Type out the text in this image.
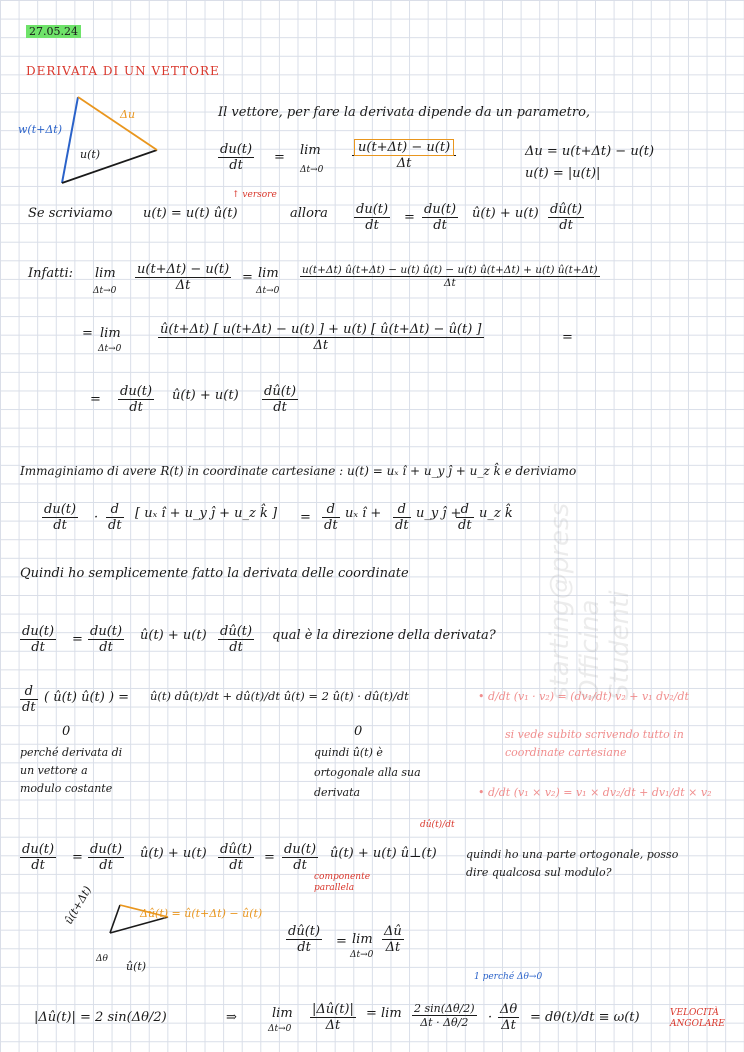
27.05.24
DERIVATA DI UN VETTORE
w(t+Δt)
u(t)
Δu	Il vettore, per fare la derivata dipende da un parametro,
$\frac{du(t)}{dt} = \lim$
$\Delta t\to 0 \frac{u(t+\Delta t) - u(t)}{\Delta t}$	Δu = u(t+Δt) − u(t)
u(t) = |u(t)|
↑ versore
Se scriviamo u(t) = u(t) û(t)	allora $\frac{du(t)}{dt} = \frac{du(t)}{dt}$ û(t) + $u(t) \frac{dû(t)}{dt}$
Infatti: lim
$\Delta t\to 0 \frac{u(t+\Delta t) - u(t)}{\Delta t} = \lim$
Δt→0
$\frac{u(t+\Delta t) û(t+\Delta t) - u(t) û(t) - u(t) û(t+\Delta t) + u(t) û(t+\Delta t)}{\Delta t}$
= lim
Δt→0	$\frac{û(t+\Delta t) [ u(t+\Delta t) - u(t) ] + u(t) [ û(t+\Delta t) - û(t) ]}{\Delta t}$	=
= $\frac{du(t)}{dt}$ û(t) + $u(t) \frac{dû(t)}{dt}$
Immaginiamo di avere R(t) in coordinate cartesiane : u(t) = uₓ î + u_y ĵ + u_z k̂ e deriviamo
$\frac{du(t)}{dt} \cdot \frac{d}{dt}$ [ uₓ î + u_y ĵ + u_z k̂ ] = $\frac{d}{dt}$ uₓ î + $\frac{d}{dt}$ u_y ĵ +
$\frac{d}{dt}$ u_z k̂
Quindi ho semplicemente fatto la derivata delle coordinate
$\frac{du(t)}{dt} = \frac{du(t)}{dt}$ û(t) + $u(t) \frac{dû(t)}{dt}$ qual è la direzione della derivata?
$\frac{d}{dt}$ ( û(t) û(t) ) = û(t) dû(t)/dt + dû(t)/dt û(t) = 2 û(t) · dû(t)/dt
0	0
perché derivata di
un vettore a
modulo costante
quindi û(t) è
ortogonale alla sua
derivata
• d/dt (v₁ · v₂) = (dv₁/dt) v₂ + v₁ dv₂/dt
si vede subito scrivendo tutto in
coordinate cartesiane
• d/dt (v₁ × v₂) = v₁ × dv₂/dt + dv₁/dt × v₂
dû(t)/dt
$\frac{du(t)}{dt} = \frac{du(t)}{dt}$ û(t) + $u(t) \frac{dû(t)}{dt} = \frac{du(t)}{dt}$ û(t) + u(t) û⊥(t)
componente parallela
quindi ho una parte ortogonale, posso
dire qualcosa sul modulo?
Δû(t) = û(t+Δt) − û(t)
û(t)
û(t+Δt)
Δθ
$\frac{dû(t)}{dt} = \lim$
$\Delta t\to 0 \frac{\Delta û}{\Delta t}$
1 perché Δθ→0
|Δû(t)| = 2 sin(Δθ/2)	⇒	lim
$\Delta t\to 0 \frac{|\Delta û(t)|}{\Delta t} = \lim \frac{2 \sin(\Delta\theta/2)}{\Delta t \cdot \Delta\theta/2} \cdot \frac{\Delta\theta}{\Delta t} = d\theta(t)/dt \equiv \omega(t)$	VELOCITÀ ANGOLARE
starting@press Officina Studenti
